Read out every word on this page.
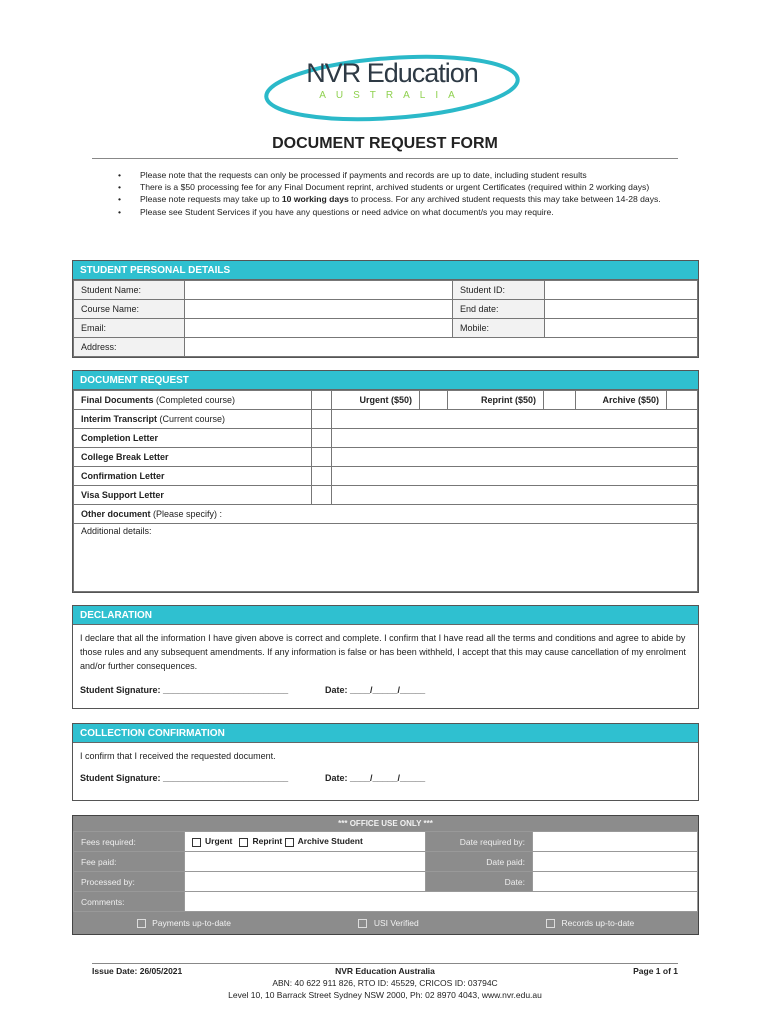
NVR Education
AUSTRALIA
DOCUMENT REQUEST FORM
• Please note that the requests can only be processed if payments and records are up to date, including student results
• There is a $50 processing fee for any Final Document reprint, archived students or urgent Certificates (required within 2 working days)
• Please note requests may take up to 10 working days to process. For any archived student requests this may take between 14-28 days.
• Please see Student Services if you have any questions or need advice on what document/s you may require.
STUDENT PERSONAL DETAILS
Student Name:		Student ID:	
Course Name:		End date:	
Email:		Mobile:	
Address:			
DOCUMENT REQUEST
Final Documents (Completed course)		Urgent ($50)		Reprint ($50)		Archive ($50)	
Interim Transcript (Current course)							
Completion Letter							
College Break Letter							
Confirmation Letter							
Visa Support Letter							
Other document (Please specify) :							
Additional details:							
DECLARATION
I declare that all the information I have given above is correct and complete. I confirm that I have read all the terms and conditions and agree to abide by those rules and any subsequent amendments. If any information is false or has been withheld, I accept that this may cause cancellation of my enrolment and/or further consequences.
Student Signature: _________________________	Date: ____/_____/_____
COLLECTION CONFIRMATION
I confirm that I received the requested document.
Student Signature: _________________________	Date: ____/_____/_____
*** OFFICE USE ONLY ***
Fees required:	Urgent Reprint Archive Student	Date required by:	
Fee paid:		Date paid:	
Processed by:		Date:	
Comments:			
Payments up-to-date	USI Verified	Records up-to-date
Issue Date: 26/05/2021	NVR Education Australia	Page 1 of 1
ABN: 40 622 911 826, RTO ID: 45529, CRICOS ID: 03794C
Level 10, 10 Barrack Street Sydney NSW 2000, Ph: 02 8970 4043, www.nvr.edu.au
